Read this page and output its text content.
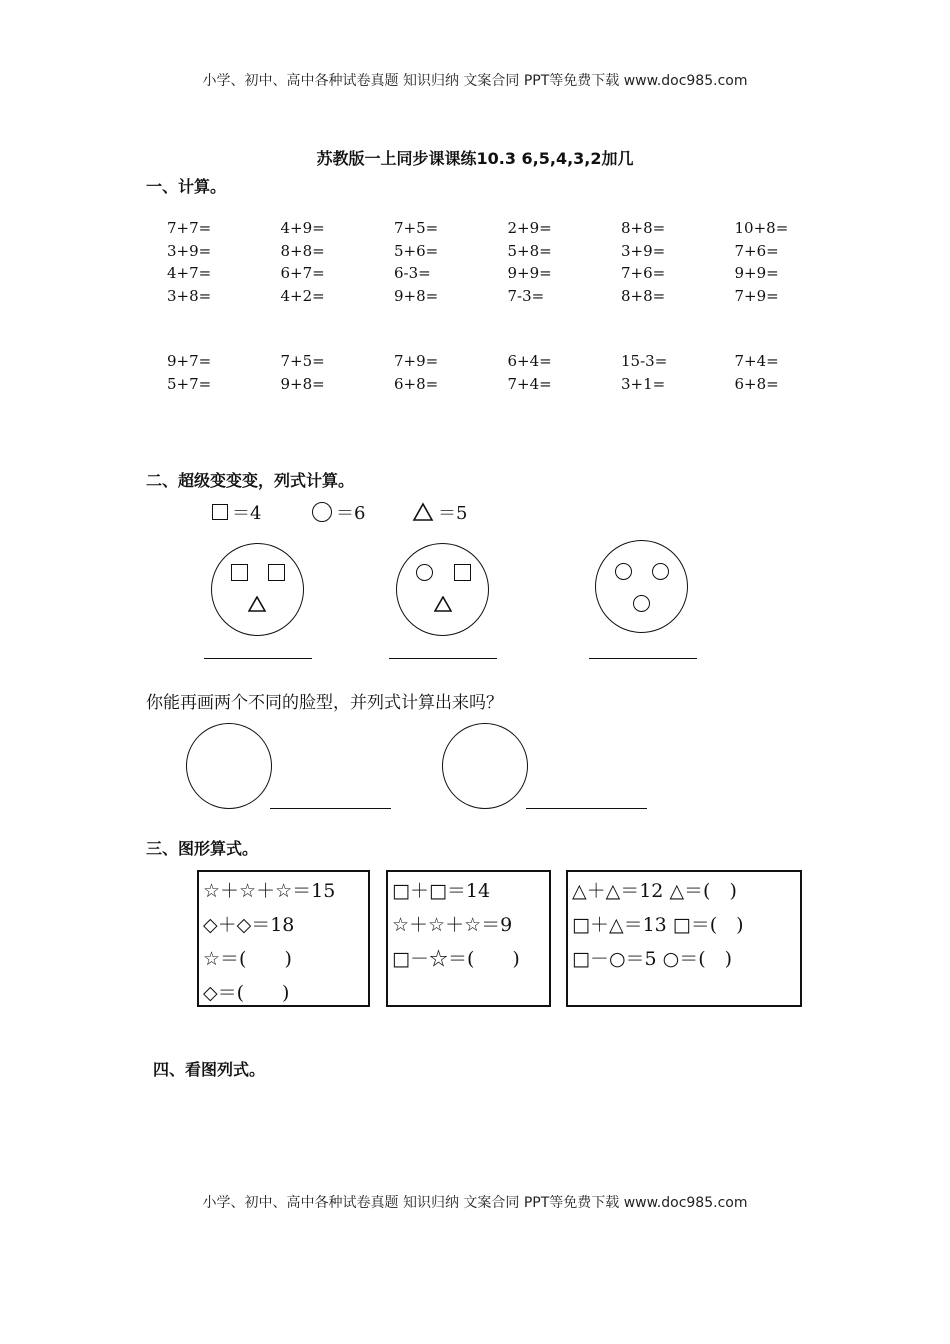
小学、初中、高中各种试卷真题 知识归纳 文案合同 PPT等免费下载 www.doc985.com
苏教版一上同步课课练10.3 6,5,4,3,2加几
一、计算。
7+7=	4+9=	7+5=	2+9=	8+8=	10+8=
3+9=	8+8=	5+6=	5+8=	3+9=	7+6=
4+7=	6+7=	6-3=	9+9=	7+6=	9+9=
3+8=	4+2=	9+8=	7-3=	8+8=	7+9=
9+7=	7+5=	7+9=	6+4=	15-3=	7+4=
5+7=	9+8=	6+8=	7+4=	3+1=	6+8=
二、超级变变变，列式计算。
＝4	＝6	＝5
你能再画两个不同的脸型，并列式计算出来吗？
三、图形算式。
☆＋☆＋☆＝15
◇＋◇＝18
☆＝(　　)
◇＝(　　)
□＋□＝14
☆＋☆＋☆＝9
□－☆＝(　　)
△＋△＝12 △＝(　)
□＋△＝13 □＝(　)
□－○＝5 ○＝(　)
四、看图列式。
小学、初中、高中各种试卷真题 知识归纳 文案合同 PPT等免费下载 www.doc985.com
